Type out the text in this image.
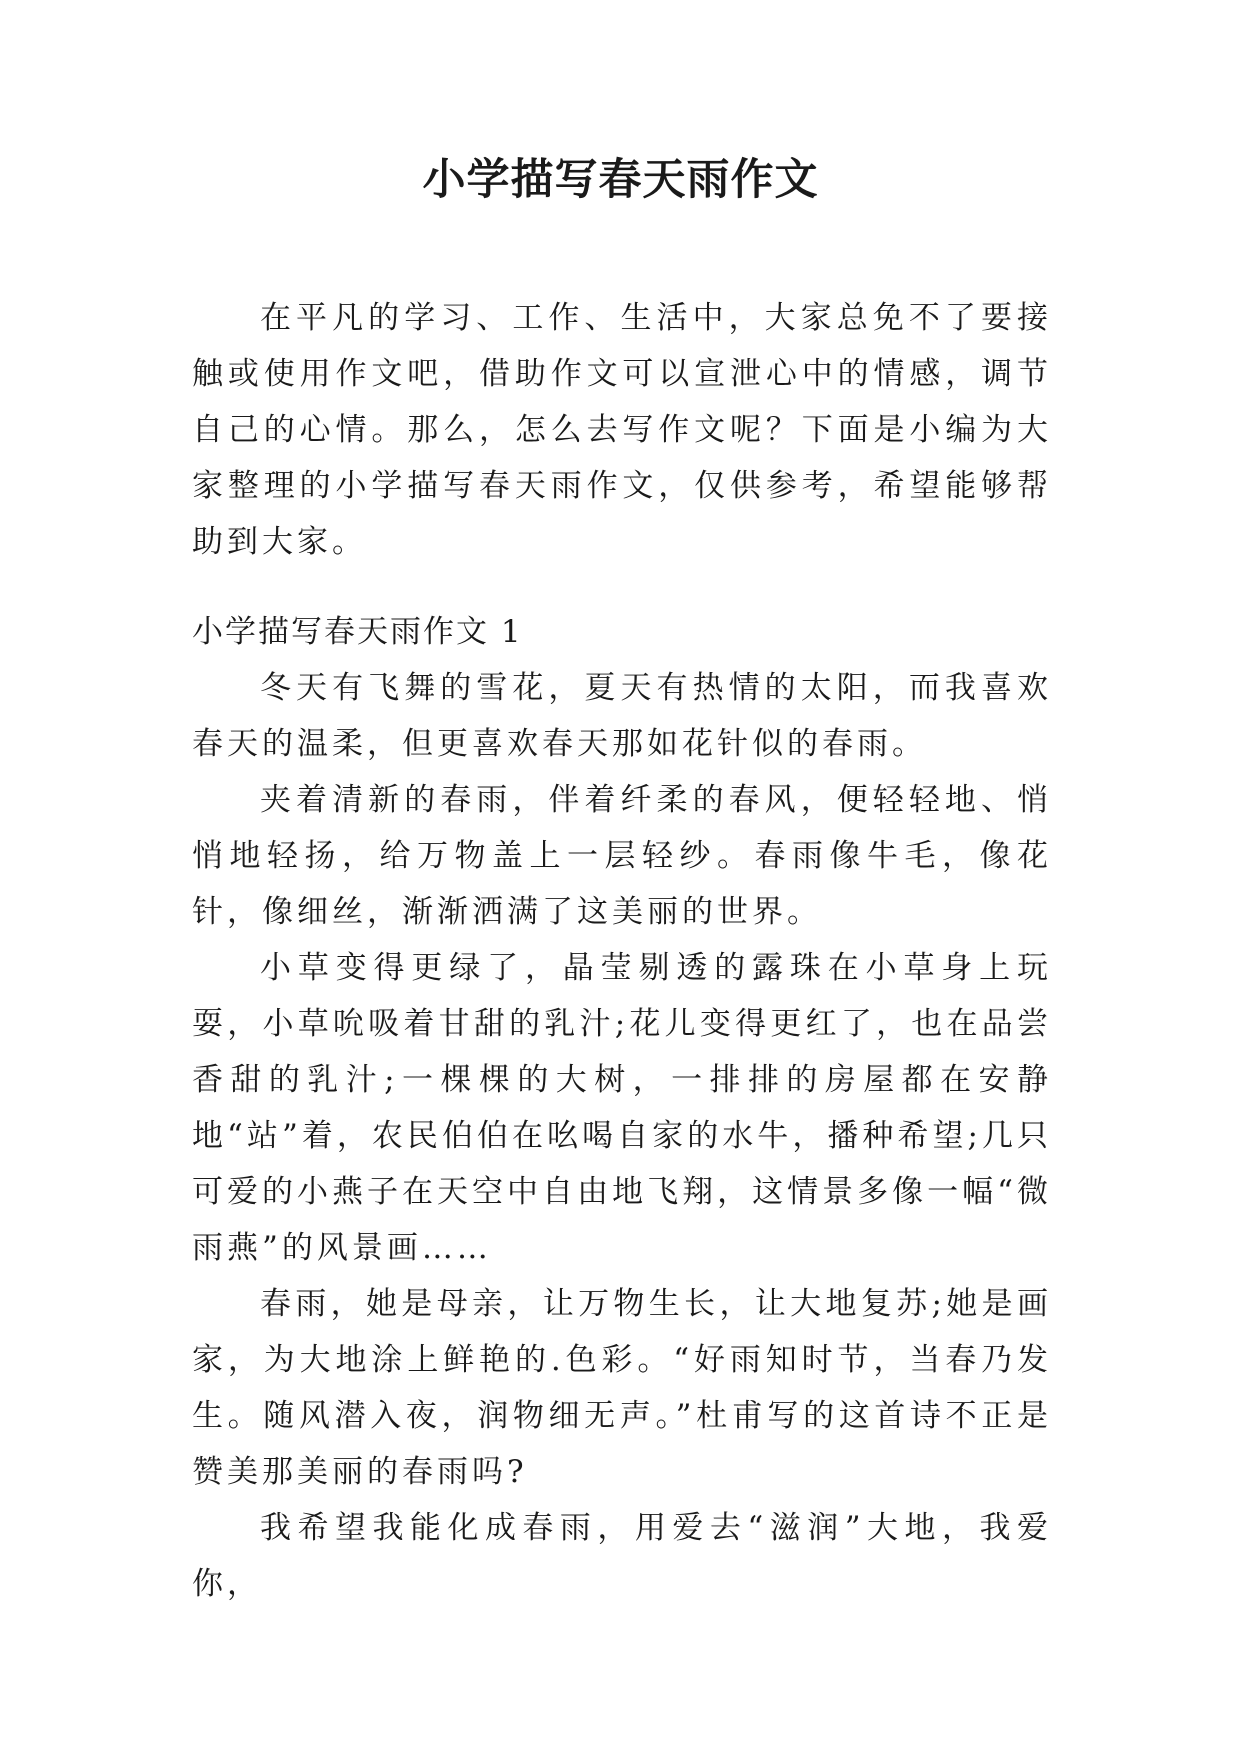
小学描写春天雨作文

在平凡的学习、工作、生活中，大家总免不了要接触或使用作文吧，借助作文可以宣泄心中的情感，调节自己的心情。那么，怎么去写作文呢？下面是小编为大家整理的小学描写春天雨作文，仅供参考，希望能够帮助到大家。

小学描写春天雨作文 1

冬天有飞舞的雪花，夏天有热情的太阳，而我喜欢春天的温柔，但更喜欢春天那如花针似的春雨。

夹着清新的春雨，伴着纤柔的春风，便轻轻地、悄悄地轻扬，给万物盖上一层轻纱。春雨像牛毛，像花针，像细丝，渐渐洒满了这美丽的世界。

小草变得更绿了，晶莹剔透的露珠在小草身上玩耍，小草吮吸着甘甜的乳汁;花儿变得更红了，也在品尝香甜的乳汁;一棵棵的大树，一排排的房屋都在安静地“站”着，农民伯伯在吆喝自家的水牛，播种希望;几只可爱的小燕子在天空中自由地飞翔，这情景多像一幅“微雨燕”的风景画……

春雨，她是母亲，让万物生长，让大地复苏;她是画家，为大地涂上鲜艳的.色彩。“好雨知时节，当春乃发生。随风潜入夜，润物细无声。”杜甫写的这首诗不正是赞美那美丽的春雨吗?

我希望我能化成春雨，用爱去“滋润”大地，我爱你，
